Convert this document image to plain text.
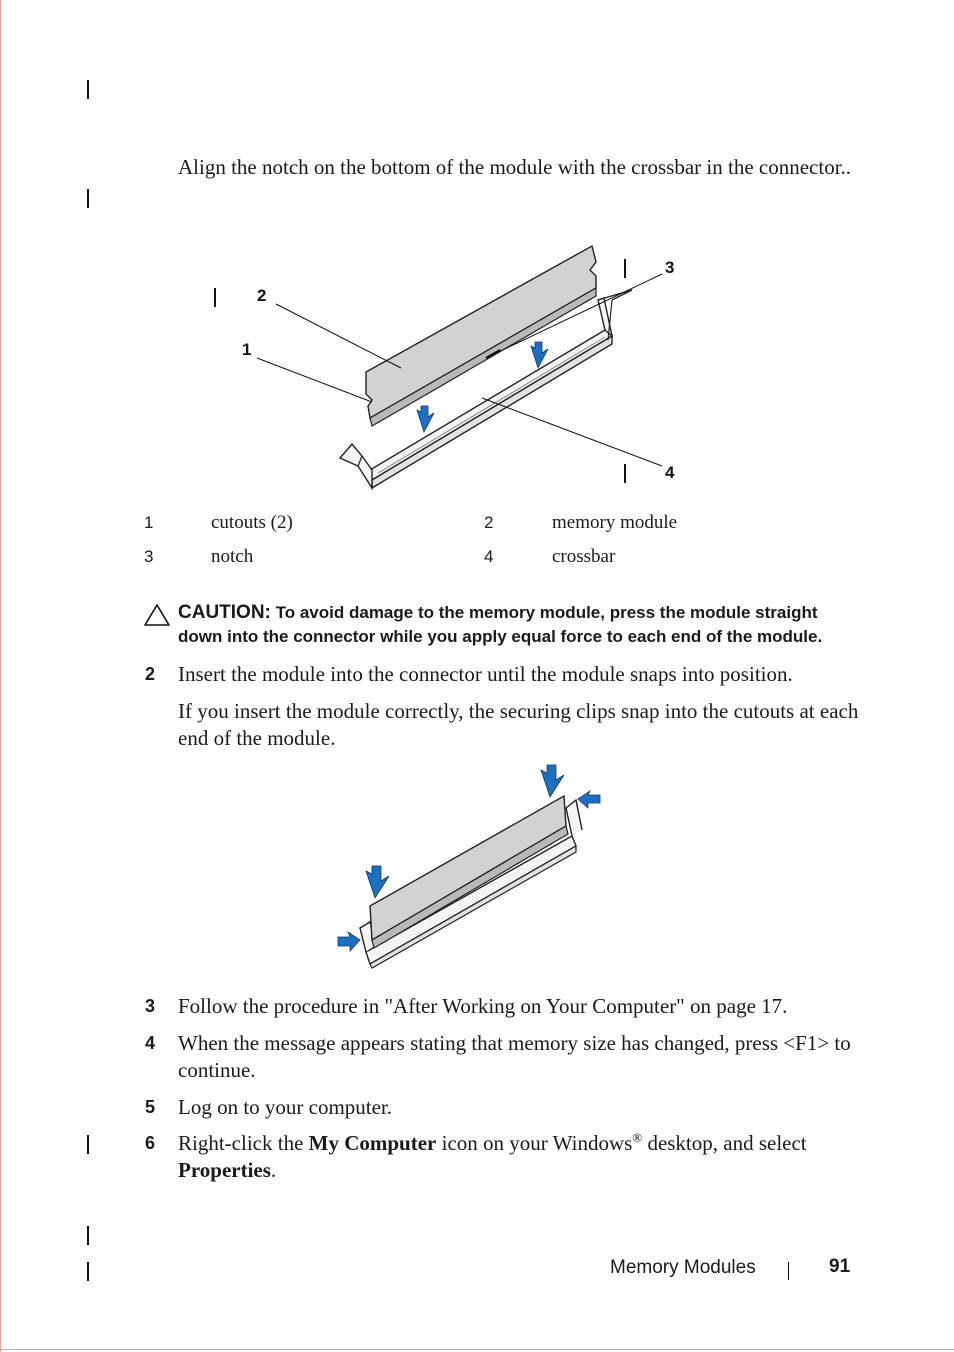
Align the notch on the bottom of the module with the crossbar in the connector..
2
1
3
4
1	cutouts (2)	2	memory module
3	notch	4	crossbar
CAUTION: To avoid damage to the memory module, press the module straight down into the connector while you apply equal force to each end of the module.
2	Insert the module into the connector until the module snaps into position.
If you insert the module correctly, the securing clips snap into the cutouts at each end of the module.
3	Follow the procedure in "After Working on Your Computer" on page 17.
4	When the message appears stating that memory size has changed, press <F1> to continue.
5	Log on to your computer.
6	Right-click the My Computer icon on your Windows® desktop, and select Properties.
Memory Modules	91
